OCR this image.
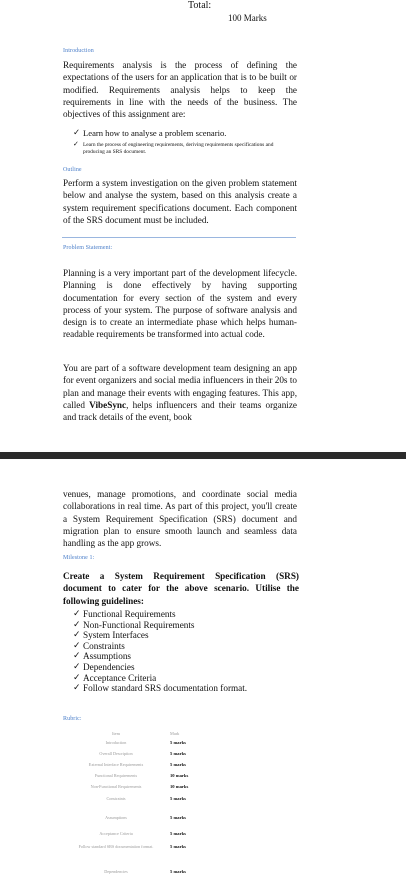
Total:
100 Marks
Introduction
Requirements analysis is the process of defining the expectations of the users for an application that is to be built or modified. Requirements analysis helps to keep the requirements in line with the needs of the business. The objectives of this assignment are:
✓ Learn how to analyse a problem scenario.
✓ Learn the process of engineering requirements, deriving requirements specifications and producing an SRS document.
Outline
Perform a system investigation on the given problem statement below and analyse the system, based on this analysis create a system requirement specifications document. Each component of the SRS document must be included.
Problem Statement:
Planning is a very important part of the development lifecycle. Planning is done effectively by having supporting documentation for every section of the system and every process of your system. The purpose of software analysis and design is to create an intermediate phase which helps human-readable requirements be transformed into actual code.
You are part of a software development team designing an app for event organizers and social media influencers in their 20s to plan and manage their events with engaging features. This app, called VibeSync, helps influencers and their teams organize and track details of the event, book
venues, manage promotions, and coordinate social media collaborations in real time. As part of this project, you'll create a System Requirement Specification (SRS) document and migration plan to ensure smooth launch and seamless data handling as the app grows.
Milestone 1:
Create a System Requirement Specification (SRS) document to cater for the above scenario. Utilise the following guidelines:
✓ Functional Requirements
✓ Non-Functional Requirements
✓ System Interfaces
✓ Constraints
✓ Assumptions
✓ Dependencies
✓ Acceptance Criteria
✓ Follow standard SRS documentation format.
Rubric:
Item	Mark
Introduction	5 marks
Overall Description	5 marks
External Interface Requirements	5 marks
Functional Requirements	10 marks
Non-Functional Requirements	10 marks
Constraints	5 marks
Assumptions	5 marks
Acceptance Criteria	5 marks
Follow standard SRS documentation format.	5 marks
Dependencies	5 marks
